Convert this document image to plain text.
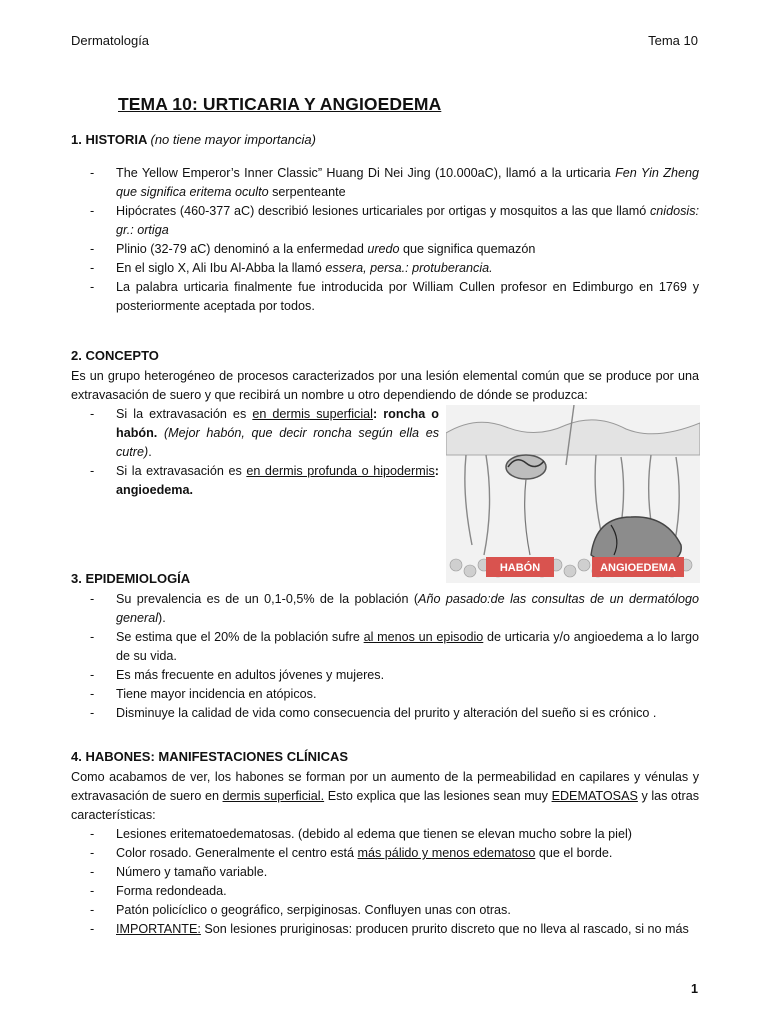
Dermatología	Tema 10
TEMA 10: URTICARIA Y ANGIOEDEMA
1. HISTORIA (no tiene mayor importancia)
- The Yellow Emperor’s Inner Classic” Huang Di Nei Jing (10.000aC), llamó a la urticaria Fen Yin Zheng que significa eritema oculto serpenteante
- Hipócrates (460-377 aC) describió lesiones urticariales por ortigas y mosquitos a las que llamó cnidosis: gr.: ortiga
- Plinio (32-79 aC) denominó a la enfermedad uredo que significa quemazón
- En el siglo X, Ali Ibu Al-Abba la llamó essera, persa.: protuberancia.
- La palabra urticaria finalmente fue introducida por William Cullen profesor en Edimburgo en 1769 y posteriormente aceptada por todos.
2. CONCEPTO
Es un grupo heterogéneo de procesos caracterizados por una lesión elemental común que se produce por una extravasación de suero y que recibirá un nombre u otro dependiendo de dónde se produzca:
- Si la extravasación es en dermis superficial: roncha o habón. (Mejor habón, que decir roncha según ella es cutre).
- Si la extravasación es en dermis profunda o hipodermis: angioedema.
HABÓN	ANGIOEDEMA
3. EPIDEMIOLOGÍA
- Su prevalencia es de un 0,1-0,5% de la población (Año pasado:de las consultas de un dermatólogo general).
- Se estima que el 20% de la población sufre al menos un episodio de urticaria y/o angioedema a lo largo de su vida.
- Es más frecuente en adultos jóvenes y mujeres.
- Tiene mayor incidencia en atópicos.
- Disminuye la calidad de vida como consecuencia del prurito y alteración del sueño si es crónico .
4. HABONES: MANIFESTACIONES CLÍNICAS
Como acabamos de ver, los habones se forman por un aumento de la permeabilidad en capilares y vénulas y extravasación de suero en dermis superficial. Esto explica que las lesiones sean muy EDEMATOSAS y las otras características:
- Lesiones eritematoedematosas. (debido al edema que tienen se elevan mucho sobre la piel)
- Color rosado. Generalmente el centro está más pálido y menos edematoso que el borde.
- Número y tamaño variable.
- Forma redondeada.
- Patón policíclico o geográfico, serpiginosas. Confluyen unas con otras.
- IMPORTANTE: Son lesiones pruriginosas: producen prurito discreto que no lleva al rascado, si no más
1
